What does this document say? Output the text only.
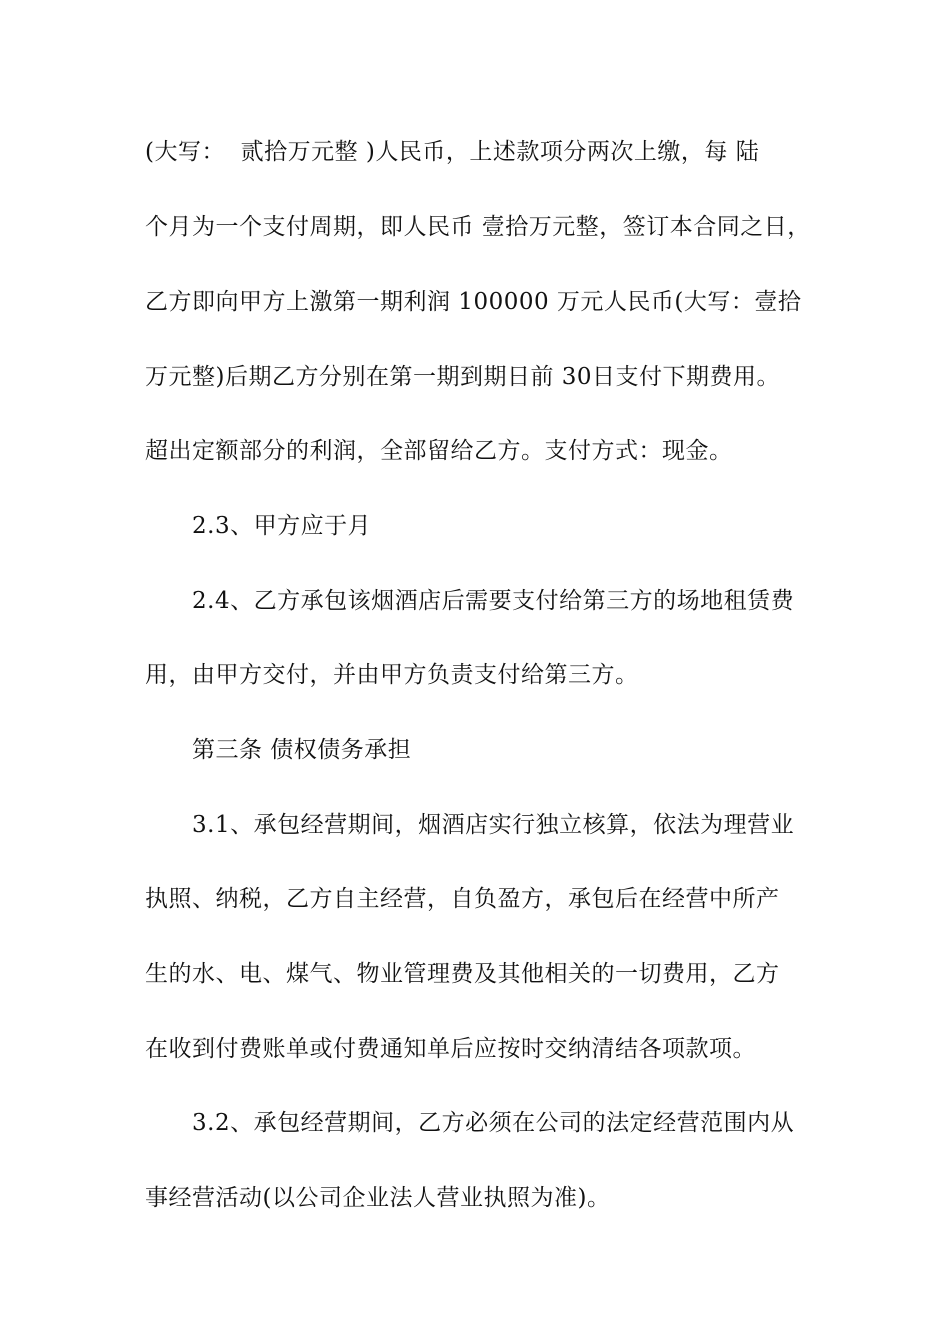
(大写：  贰拾万元整 )人民币，上述款项分两次上缴，每 陆
个月为一个支付周期，即人民币 壹拾万元整，签订本合同之日，
乙方即向甲方上激第一期利润 100000 万元人民币(大写：壹拾
万元整)后期乙方分别在第一期到期日前 30日支付下期费用。
超出定额部分的利润，全部留给乙方。支付方式：现金。
2.3、甲方应于月
2.4、乙方承包该烟酒店后需要支付给第三方的场地租赁费
用，由甲方交付，并由甲方负责支付给第三方。
第三条 债权债务承担
3.1、承包经营期间，烟酒店实行独立核算，依法为理营业
执照、纳税，乙方自主经营，自负盈方，承包后在经营中所产
生的水、电、煤气、物业管理费及其他相关的一切费用，乙方
在收到付费账单或付费通知单后应按时交纳清结各项款项。
3.2、承包经营期间，乙方必须在公司的法定经营范围内从
事经营活动(以公司企业法人营业执照为准)。
